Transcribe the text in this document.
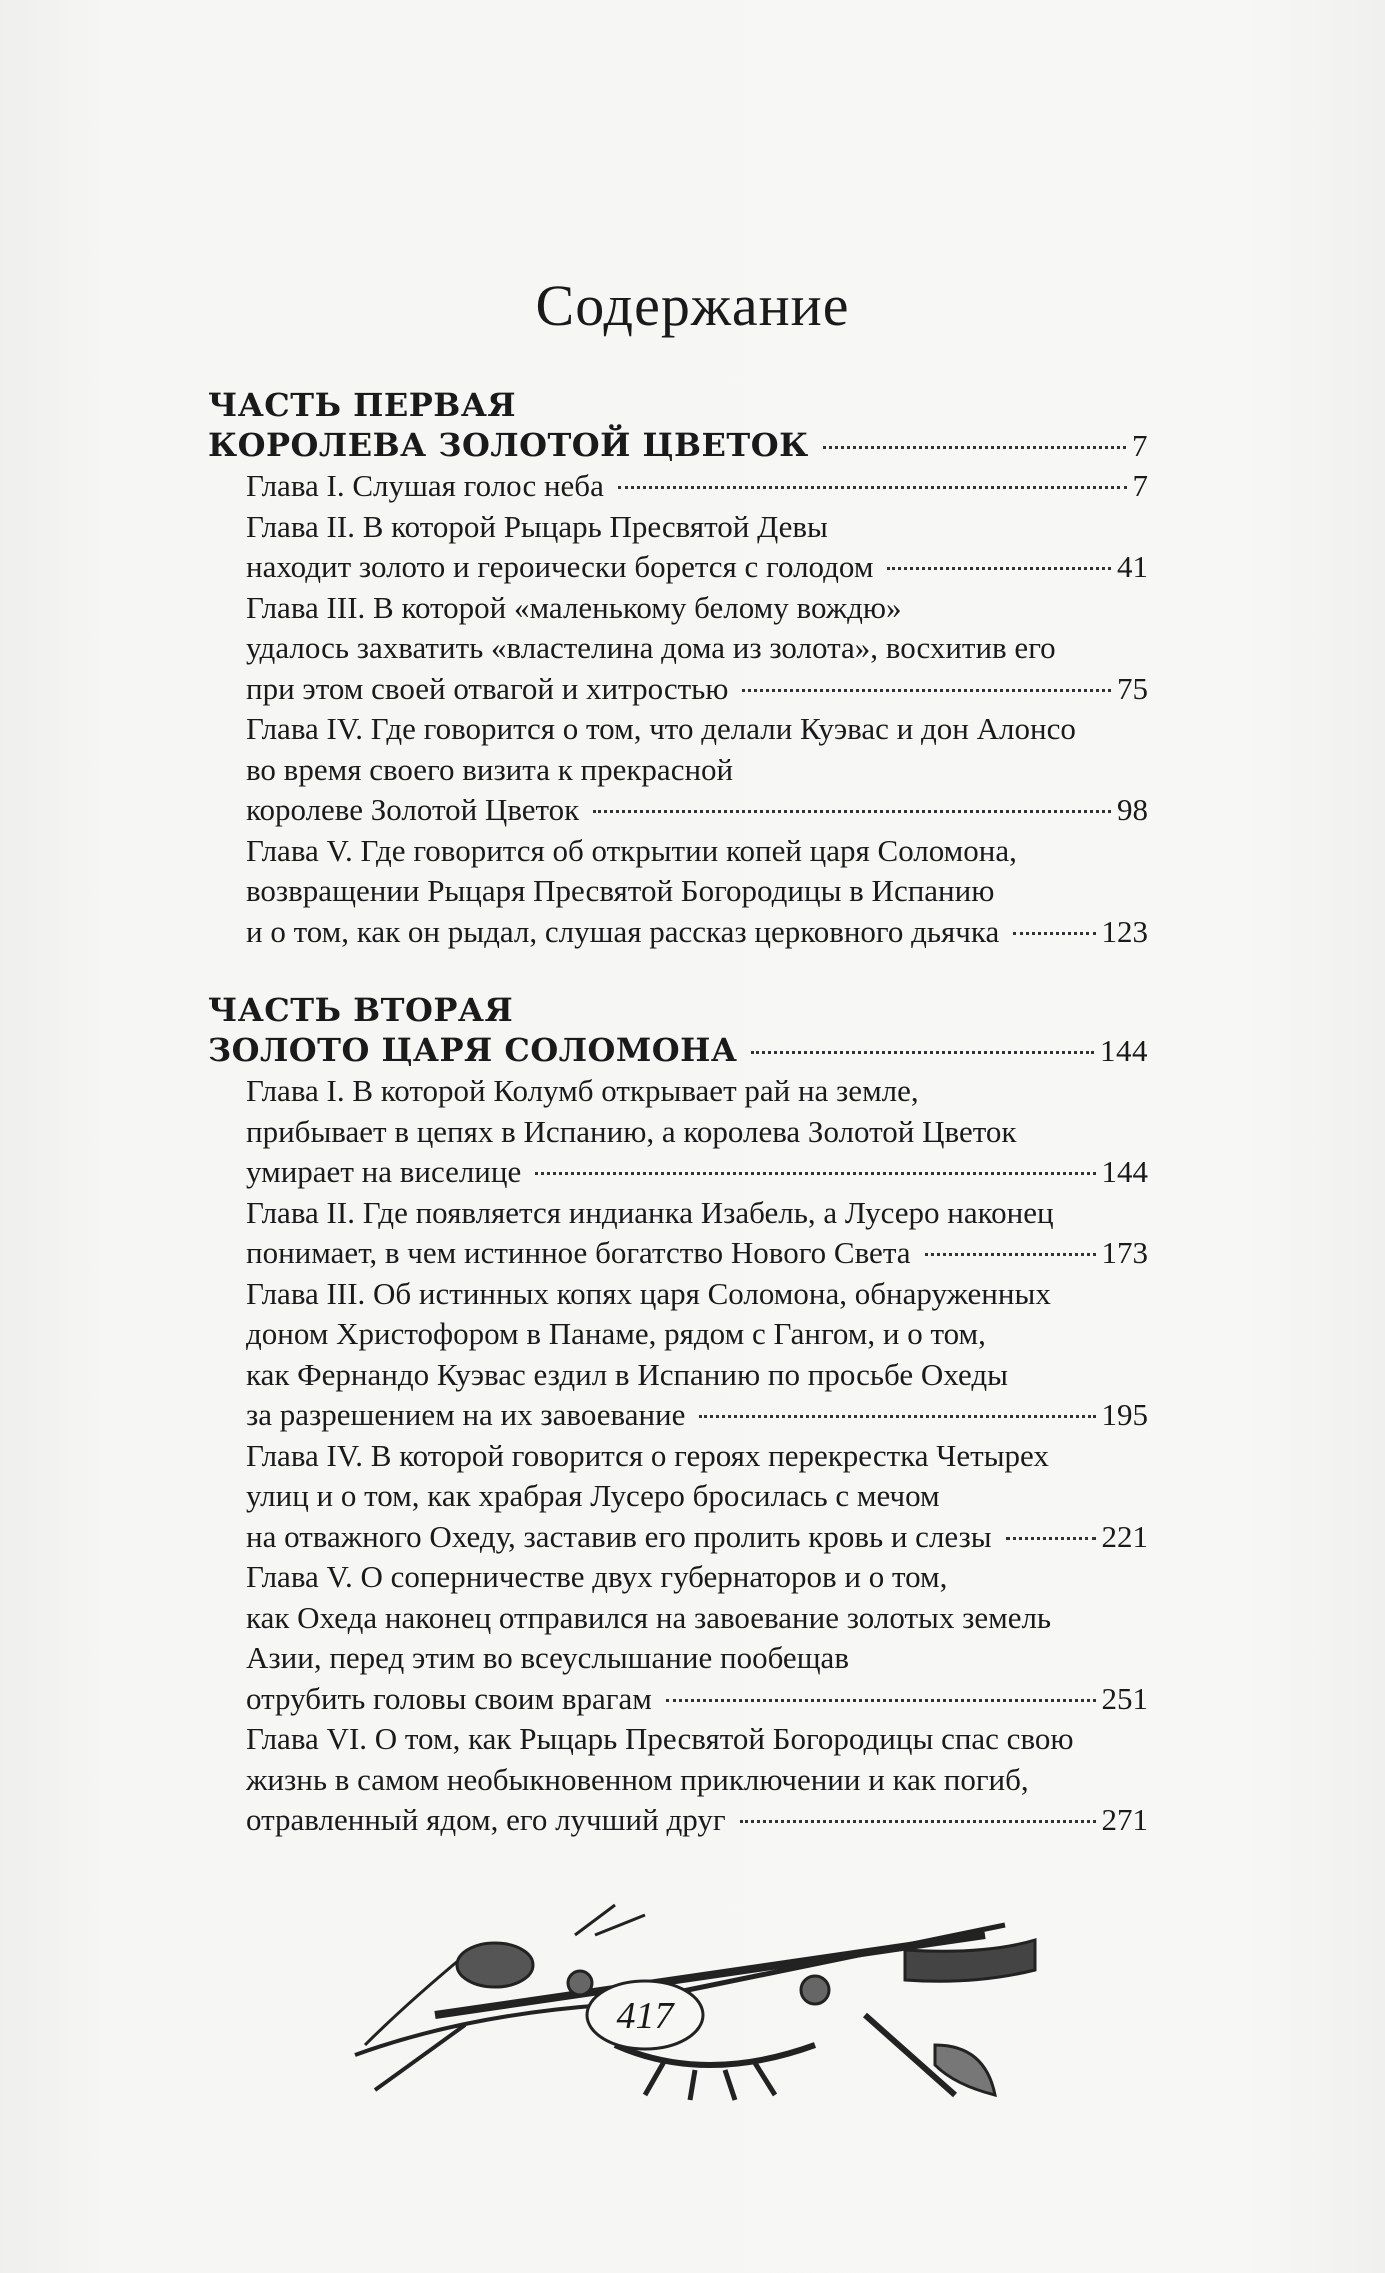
Содержание
ЧАСТЬ ПЕРВАЯ
КОРОЛЕВА ЗОЛОТОЙ ЦВЕТОК	7
Глава I. Слушая голос неба	7
Глава II. В которой Рыцарь Пресвятой Девы
находит золото и героически борется с голодом	41
Глава III. В которой «маленькому белому вождю»
удалось захватить «властелина дома из золота», восхитив его
при этом своей отвагой и хитростью	75
Глава IV. Где говорится о том, что делали Куэвас и дон Алонсо
во время своего визита к прекрасной
королеве Золотой Цветок	98
Глава V. Где говорится об открытии копей царя Соломона,
возвращении Рыцаря Пресвятой Богородицы в Испанию
и о том, как он рыдал, слушая рассказ церковного дьячка	123
ЧАСТЬ ВТОРАЯ
ЗОЛОТО ЦАРЯ СОЛОМОНА	144
Глава I. В которой Колумб открывает рай на земле,
прибывает в цепях в Испанию, а королева Золотой Цветок
умирает на виселице	144
Глава II. Где появляется индианка Изабель, а Лусеро наконец
понимает, в чем истинное богатство Нового Света	173
Глава III. Об истинных копях царя Соломона, обнаруженных
доном Христофором в Панаме, рядом с Гангом, и о том,
как Фернандо Куэвас ездил в Испанию по просьбе Охеды
за разрешением на их завоевание	195
Глава IV. В которой говорится о героях перекрестка Четырех
улиц и о том, как храбрая Лусеро бросилась с мечом
на отважного Охеду, заставив его пролить кровь и слезы	221
Глава V. О соперничестве двух губернаторов и о том,
как Охеда наконец отправился на завоевание золотых земель
Азии, перед этим во всеуслышание пообещав
отрубить головы своим врагам	251
Глава VI. О том, как Рыцарь Пресвятой Богородицы спас свою
жизнь в самом необыкновенном приключении и как погиб,
отравленный ядом, его лучший друг	271
417
